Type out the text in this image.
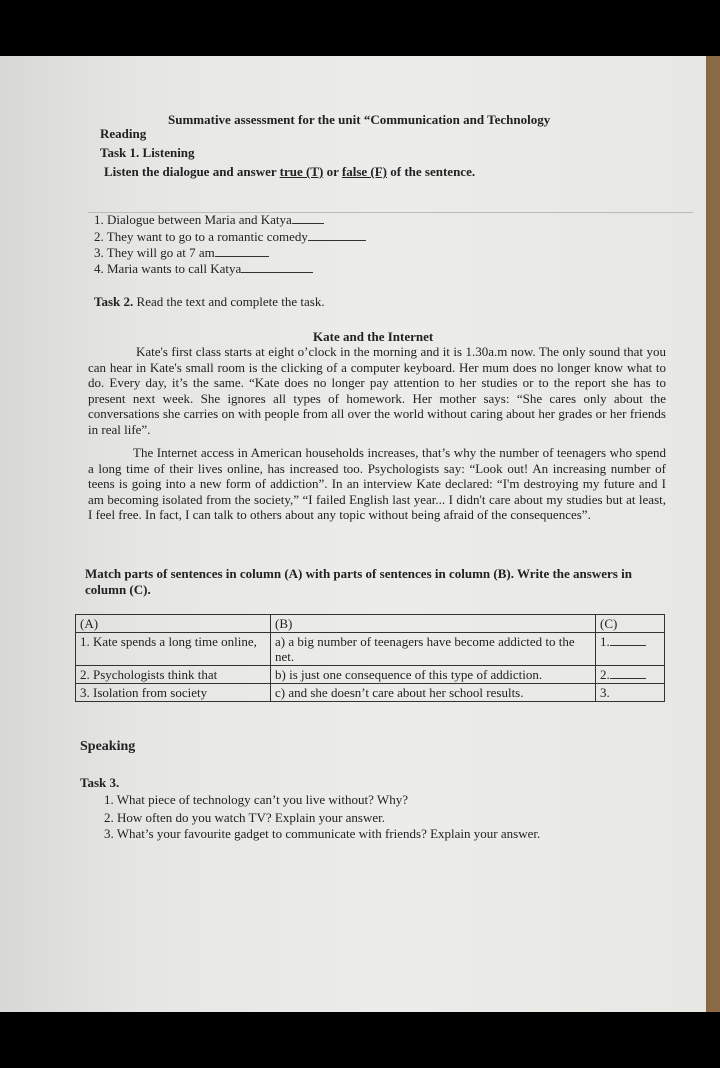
Summative assessment for the unit “Communication and Technology
Reading
Task 1. Listening
Listen the dialogue and answer true (T) or false (F) of the sentence.
1. Dialogue between Maria and Katya
2. They want to go to a romantic comedy
3. They will go at 7 am
4. Maria wants to call Katya
Task 2. Read the text and complete the task.
Kate and the Internet
Kate's first class starts at eight o’clock in the morning and it is 1.30a.m now. The only sound that you can hear in Kate's small room is the clicking of a computer keyboard. Her mum does no longer know what to do. Every day, it’s the same. “Kate does no longer pay attention to her studies or to the report she has to present next week. She ignores all types of homework. Her mother says: “She cares only about the conversations she carries on with people from all over the world without caring about her grades or her friends in real life”.
The Internet access in American households increases, that’s why the number of teenagers who spend a long time of their lives online, has increased too. Psychologists say: “Look out! An increasing number of teens is going into a new form of addiction”. In an interview Kate declared: “I'm destroying my future and I am becoming isolated from the society,” “I failed English last year... I didn't care about my studies but at least, I feel free. In fact, I can talk to others about any topic without being afraid of the consequences”.
Match parts of sentences in column (A) with parts of sentences in column (B). Write the answers in column (C).
(A)	(B)	(C)
1. Kate spends a long time online,	a) a big number of teenagers have become addicted to the net.	1.
2. Psychologists think that	b) is just one consequence of this type of addiction.	2.
3. Isolation from society	c) and she doesn’t care about her school results.	3.
Speaking
Task 3.
1. What piece of technology can’t you live without? Why?
2. How often do you watch TV? Explain your answer.
3. What’s your favourite gadget to communicate with friends? Explain your answer.
